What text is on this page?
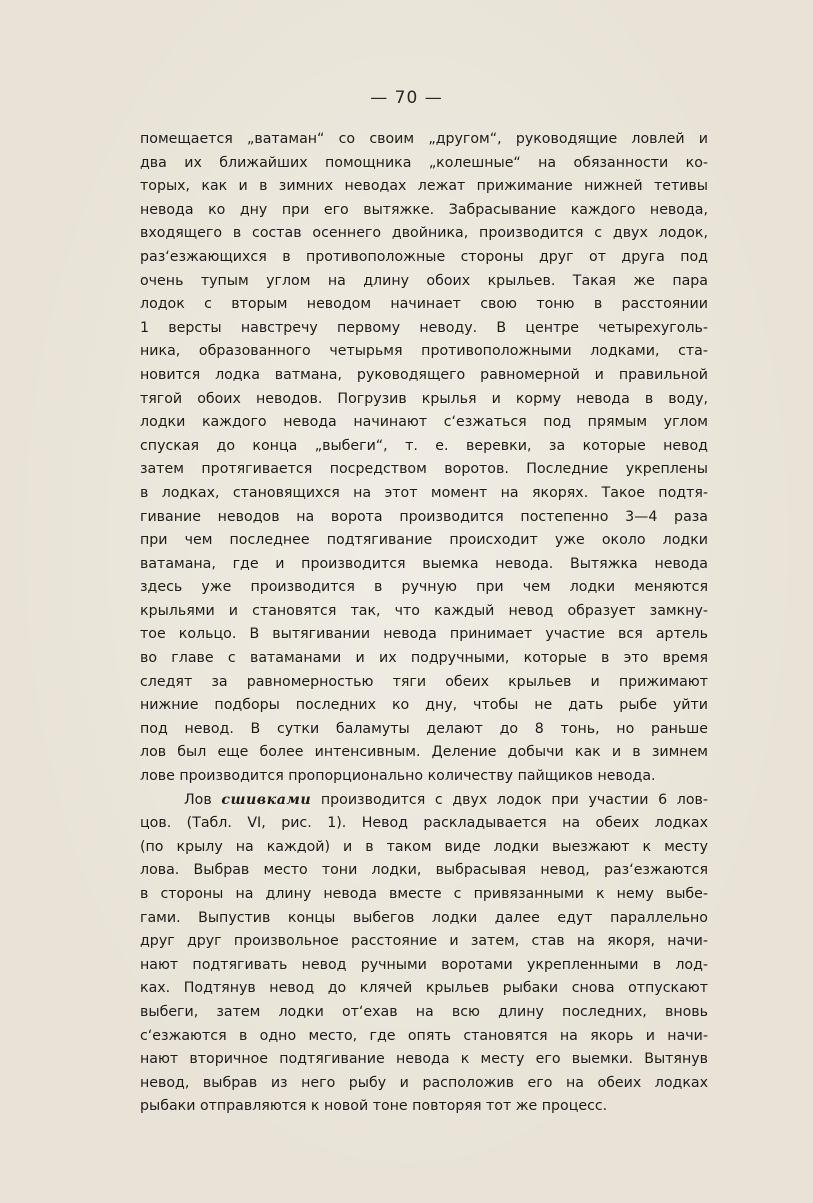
— 70 —
помещается „ватаман“ со своим „другом“, руководящие ловлей и
два их ближайших помощника „колешные“ на обязанности ко-
торых, как и в зимних неводах лежат прижимание нижней тетивы
невода ко дну при его вытяжке. Забрасывание каждого невода,
входящего в состав осеннего двойника, производится с двух лодок,
раз‘езжающихся в противоположные стороны друг от друга под
очень тупым углом на длину обоих крыльев. Такая же пара
лодок с вторым неводом начинает свою тоню в расстоянии
1 версты навстречу первому неводу. В центре четырехуголь-
ника, образованного четырьмя противоположными лодками, ста-
новится лодка ватмана, руководящего равномерной и правильной
тягой обоих неводов. Погрузив крылья и корму невода в воду,
лодки каждого невода начинают с‘езжаться под прямым углом
спуская до конца „выбеги“, т. е. веревки, за которые невод
затем протягивается посредством воротов. Последние укреплены
в лодках, становящихся на этот момент на якорях. Такое подтя-
гивание неводов на ворота производится постепенно 3—4 раза
при чем последнее подтягивание происходит уже около лодки
ватамана, где и производится выемка невода. Вытяжка невода
здесь уже производится в ручную при чем лодки меняются
крыльями и становятся так, что каждый невод образует замкну-
тое кольцо. В вытягивании невода принимает участие вся артель
во главе с ватаманами и их подручными, которые в это время
следят за равномерностью тяги обеих крыльев и прижимают
нижние подборы последних ко дну, чтобы не дать рыбе уйти
под невод. В сутки баламуты делают до 8 тонь, но раньше
лов был еще более интенсивным. Деление добычи как и в зимнем
лове производится пропорционально количеству пайщиков невода.
Лов сшивками производится с двух лодок при участии 6 лов-
цов. (Табл. VI, рис. 1). Невод раскладывается на обеих лодках
(по крылу на каждой) и в таком виде лодки выезжают к месту
лова. Выбрав место тони лодки, выбрасывая невод, раз‘езжаются
в стороны на длину невода вместе с привязанными к нему выбе-
гами. Выпустив концы выбегов лодки далее едут параллельно
друг друг произвольное расстояние и затем, став на якоря, начи-
нают подтягивать невод ручными воротами укрепленными в лод-
ках. Подтянув невод до клячей крыльев рыбаки снова отпускают
выбеги, затем лодки от‘ехав на всю длину последних, вновь
с‘езжаются в одно место, где опять становятся на якорь и начи-
нают вторичное подтягивание невода к месту его выемки. Вытянув
невод, выбрав из него рыбу и расположив его на обеих лодках
рыбаки отправляются к новой тоне повторяя тот же процесс.
